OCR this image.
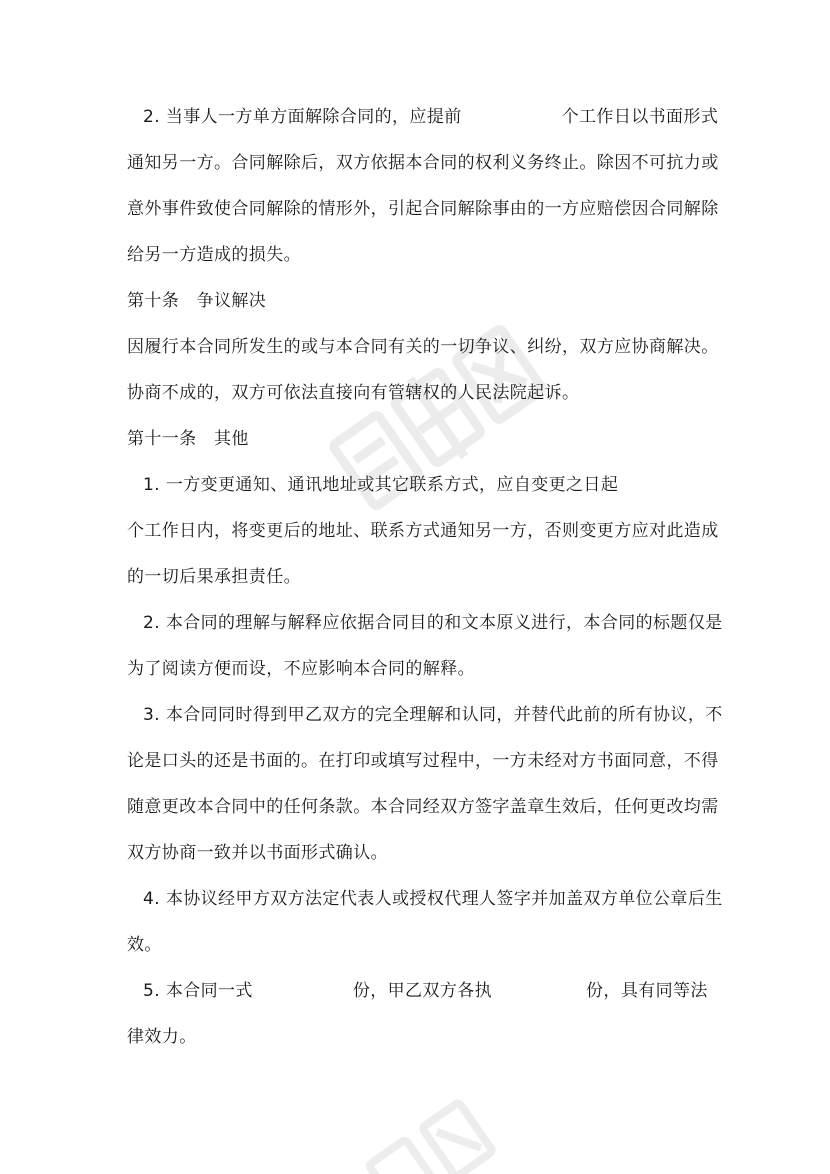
2. 当事人一方单方面解除合同的，应提前	个工作日以书面形式
通知另一方。合同解除后，双方依据本合同的权利义务终止。除因不可抗力或
意外事件致使合同解除的情形外，引起合同解除事由的一方应赔偿因合同解除
给另一方造成的损失。
第十条　争议解决
因履行本合同所发生的或与本合同有关的一切争议、纠纷，双方应协商解决。
协商不成的，双方可依法直接向有管辖权的人民法院起诉。
第十一条　其他
1. 一方变更通知、通讯地址或其它联系方式，应自变更之日起
个工作日内，将变更后的地址、联系方式通知另一方，否则变更方应对此造成
的一切后果承担责任。
2. 本合同的理解与解释应依据合同目的和文本原义进行，本合同的标题仅是
为了阅读方便而设，不应影响本合同的解释。
3. 本合同同时得到甲乙双方的完全理解和认同，并替代此前的所有协议，不
论是口头的还是书面的。在打印或填写过程中，一方未经对方书面同意，不得
随意更改本合同中的任何条款。本合同经双方签字盖章生效后，任何更改均需
双方协商一致并以书面形式确认。
4. 本协议经甲方双方法定代表人或授权代理人签字并加盖双方单位公章后生
效。
5. 本合同一式	份，甲乙双方各执	份，具有同等法
律效力。
